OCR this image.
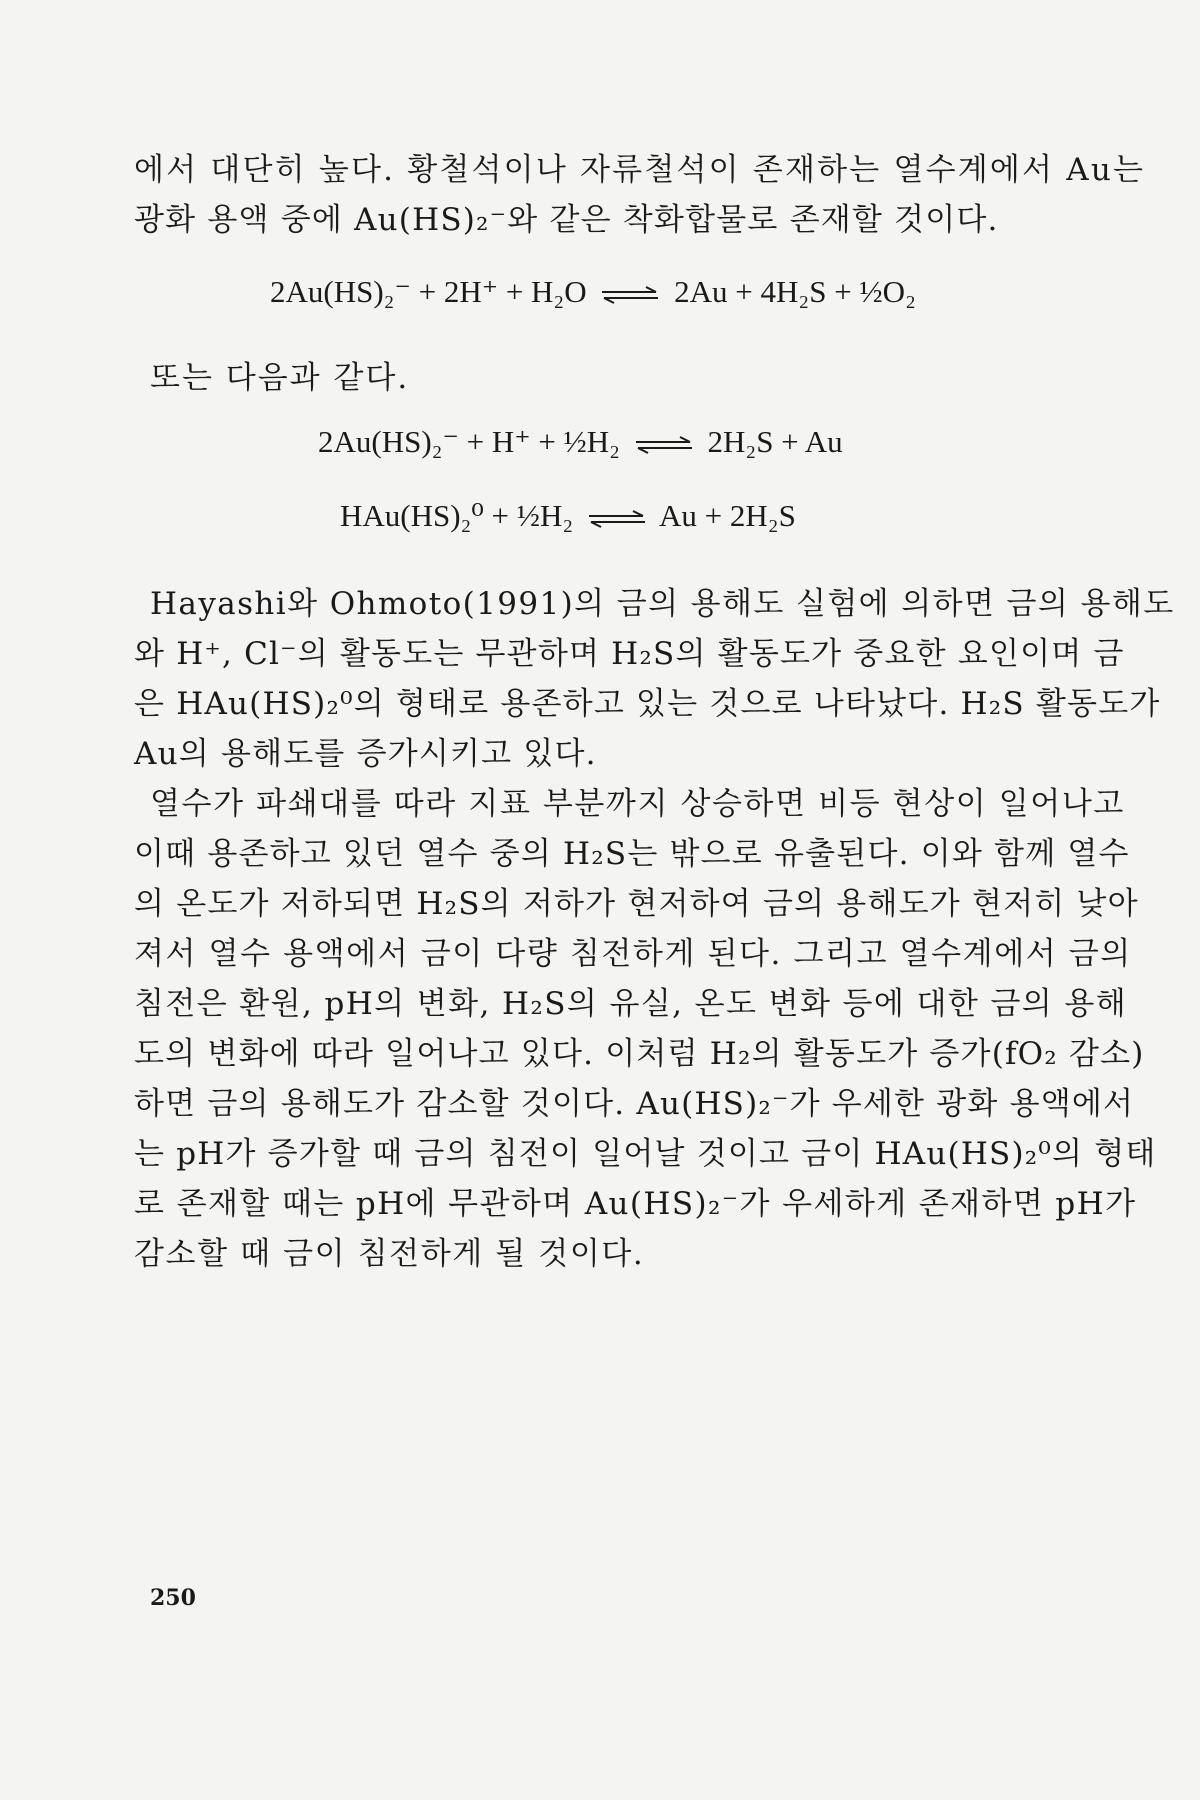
에서 대단히 높다. 황철석이나 자류철석이 존재하는 열수계에서 Au는
광화 용액 중에 Au(HS)₂⁻와 같은 착화합물로 존재할 것이다.
2Au(HS)₂⁻ + 2H⁺ + H₂O ⇌ 2Au + 4H₂S + ½O₂
또는 다음과 같다.
2Au(HS)₂⁻ + H⁺ + ½H₂ ⇌ 2H₂S + Au
HAu(HS)₂⁰ + ½H₂ ⇌ Au + 2H₂S
Hayashi와 Ohmoto(1991)의 금의 용해도 실험에 의하면 금의 용해도
와 H⁺, Cl⁻의 활동도는 무관하며 H₂S의 활동도가 중요한 요인이며 금
은 HAu(HS)₂⁰의 형태로 용존하고 있는 것으로 나타났다. H₂S 활동도가
Au의 용해도를 증가시키고 있다.
열수가 파쇄대를 따라 지표 부분까지 상승하면 비등 현상이 일어나고
이때 용존하고 있던 열수 중의 H₂S는 밖으로 유출된다. 이와 함께 열수
의 온도가 저하되면 H₂S의 저하가 현저하여 금의 용해도가 현저히 낮아
져서 열수 용액에서 금이 다량 침전하게 된다. 그리고 열수계에서 금의
침전은 환원, pH의 변화, H₂S의 유실, 온도 변화 등에 대한 금의 용해
도의 변화에 따라 일어나고 있다. 이처럼 H₂의 활동도가 증가(fO₂ 감소)
하면 금의 용해도가 감소할 것이다. Au(HS)₂⁻가 우세한 광화 용액에서
는 pH가 증가할 때 금의 침전이 일어날 것이고 금이 HAu(HS)₂⁰의 형태
로 존재할 때는 pH에 무관하며 Au(HS)₂⁻가 우세하게 존재하면 pH가
감소할 때 금이 침전하게 될 것이다.
250
